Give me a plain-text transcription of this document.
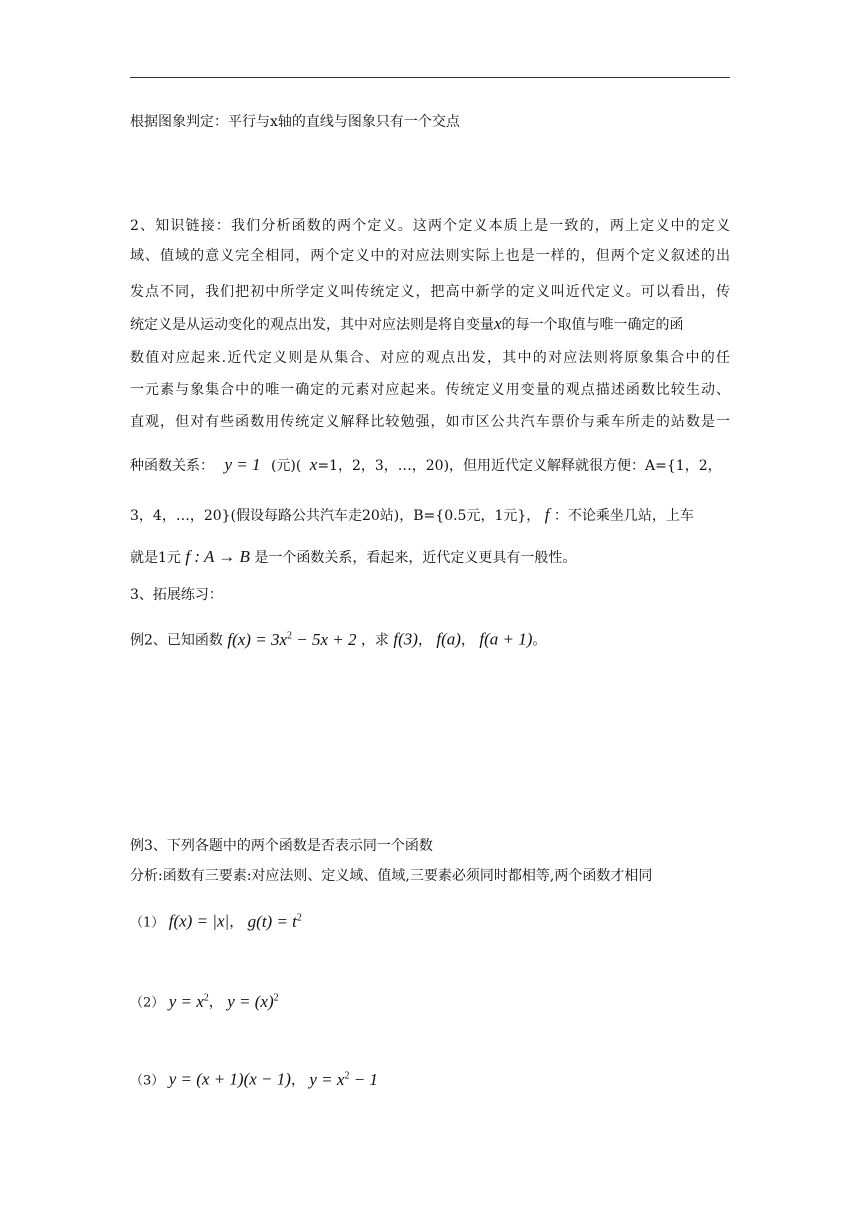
根据图象判定：平行与x轴的直线与图象只有一个交点
2、知识链接：我们分析函数的两个定义。这两个定义本质上是一致的，两上定义中的定义
域、值域的意义完全相同，两个定义中的对应法则实际上也是一样的，但两个定义叙述的出
发点不同，我们把初中所学定义叫传统定义，把高中新学的定义叫近代定义。可以看出，传
统定义是从运动变化的观点出发，其中对应法则是将自变量x的每一个取值与唯一确定的函
数值对应起来.近代定义则是从集合、对应的观点出发，其中的对应法则将原象集合中的任
一元素与象集合中的唯一确定的元素对应起来。传统定义用变量的观点描述函数比较生动、
直观，但对有些函数用传统定义解释比较勉强，如市区公共汽车票价与乘车所走的站数是一
种函数关系： y = 1 (元)( x=1，2，3，…，20)，但用近代定义解释就很方便：A={1，2，
3，4，…，20}(假设每路公共汽车走20站)，B={0.5元，1元}， f ：不论乘坐几站，上车
就是1元 f : A → B 是一个函数关系，看起来，近代定义更具有一般性。
3、拓展练习：
例2、已知函数 $f(x) = 3x^2 - 5x + 2$ ，求 f(3)， f(a)， f(a + 1)。
例3、下列各题中的两个函数是否表示同一个函数
分析:函数有三要素:对应法则、定义域、值域,三要素必须同时都相等,两个函数才相同
（1） f(x) = |x|， $g(t) = t^2$
（2） $y = x^2$， $y = (x)^2$
（3） y = (x + 1)(x − 1)， $y = x^2 - 1$
